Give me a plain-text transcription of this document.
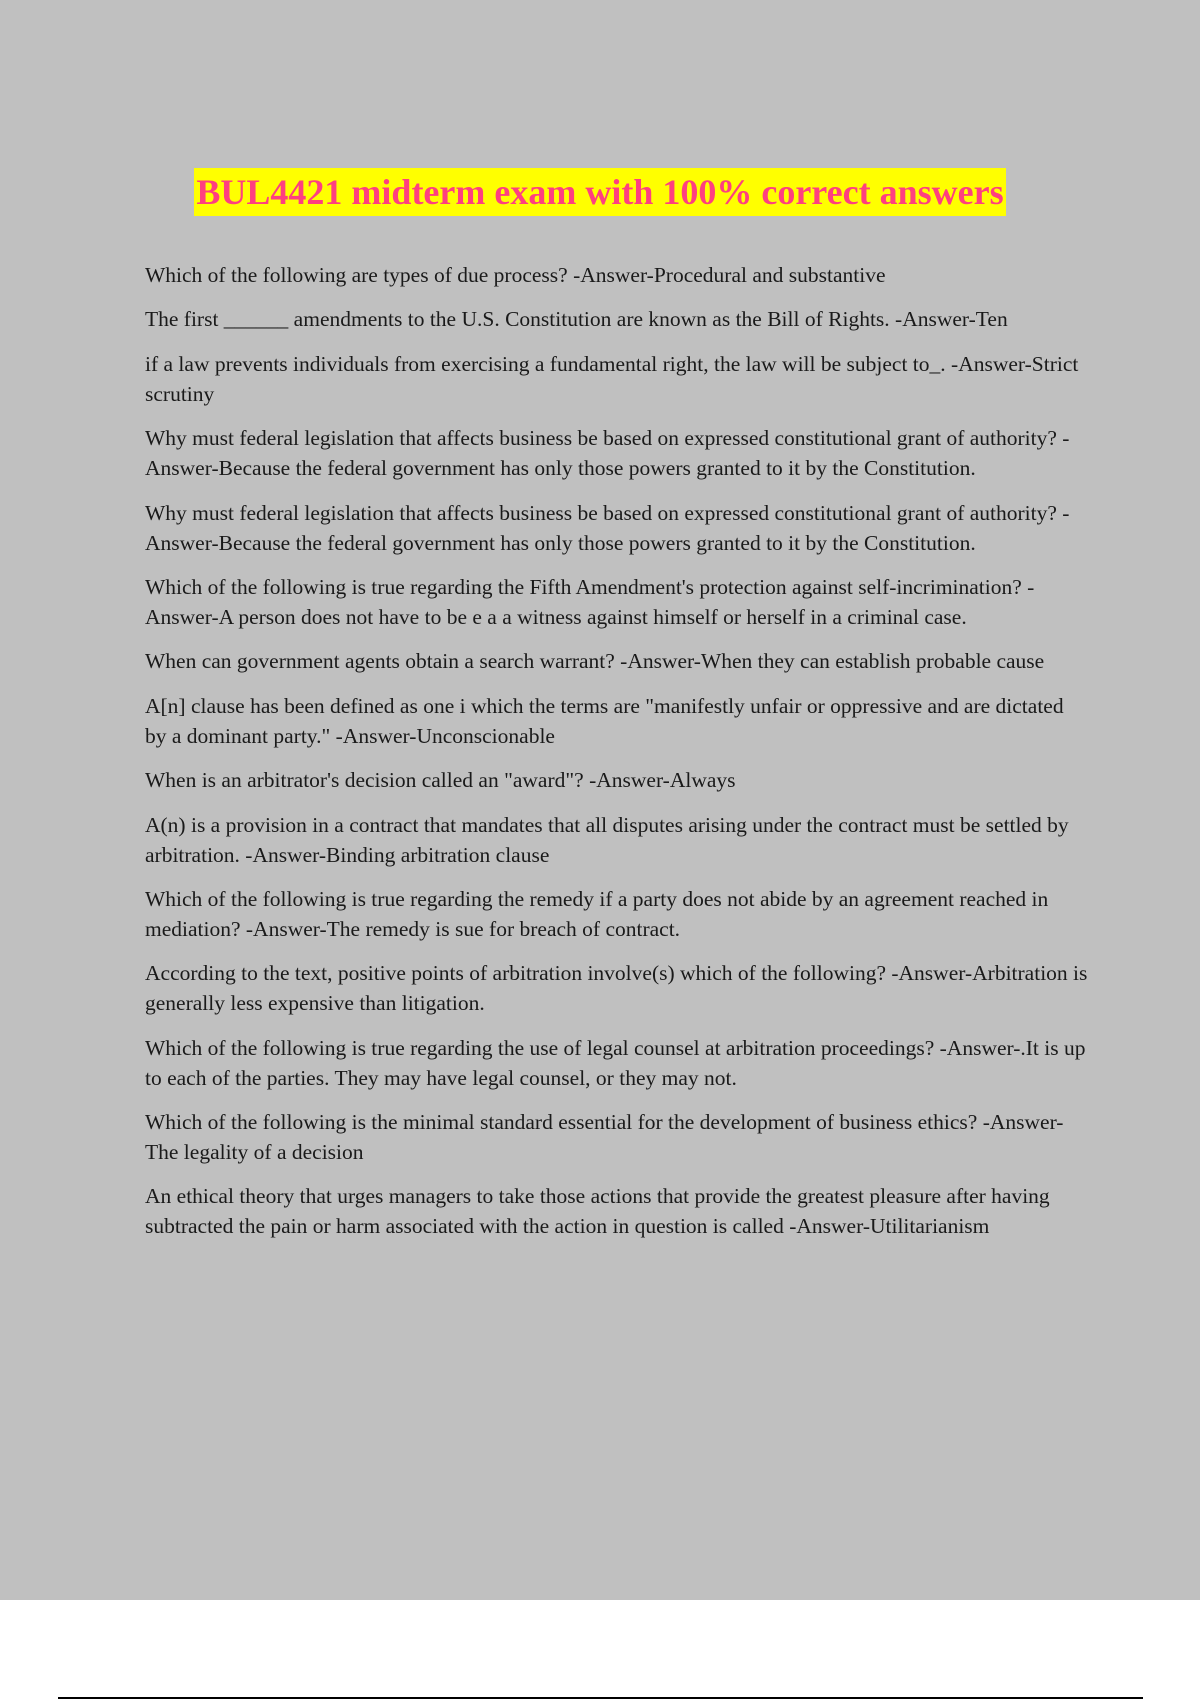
BUL4421 midterm exam with 100% correct answers
Which of the following are types of due process? -Answer-Procedural and substantive
The first ______ amendments to the U.S. Constitution are known as the Bill of Rights. -Answer-Ten
if a law prevents individuals from exercising a fundamental right, the law will be subject to_. -Answer-Strict scrutiny
Why must federal legislation that affects business be based on expressed constitutional grant of authority? -Answer-Because the federal government has only those powers granted to it by the Constitution.
Why must federal legislation that affects business be based on expressed constitutional grant of authority? -Answer-Because the federal government has only those powers granted to it by the Constitution.
Which of the following is true regarding the Fifth Amendment's protection against self-incrimination? -Answer-A person does not have to be e a a witness against himself or herself in a criminal case.
When can government agents obtain a search warrant? -Answer-When they can establish probable cause
A[n] clause has been defined as one i which the terms are "manifestly unfair or oppressive and are dictated by a dominant party." -Answer-Unconscionable
When is an arbitrator's decision called an "award"? -Answer-Always
A(n) is a provision in a contract that mandates that all disputes arising under the contract must be settled by arbitration. -Answer-Binding arbitration clause
Which of the following is true regarding the remedy if a party does not abide by an agreement reached in mediation? -Answer-The remedy is sue for breach of contract.
According to the text, positive points of arbitration involve(s) which of the following? -Answer-Arbitration is generally less expensive than litigation.
Which of the following is true regarding the use of legal counsel at arbitration proceedings? -Answer-.It is up to each of the parties. They may have legal counsel, or they may not.
Which of the following is the minimal standard essential for the development of business ethics? -Answer-The legality of a decision
An ethical theory that urges managers to take those actions that provide the greatest pleasure after having subtracted the pain or harm associated with the action in question is called -Answer-Utilitarianism
